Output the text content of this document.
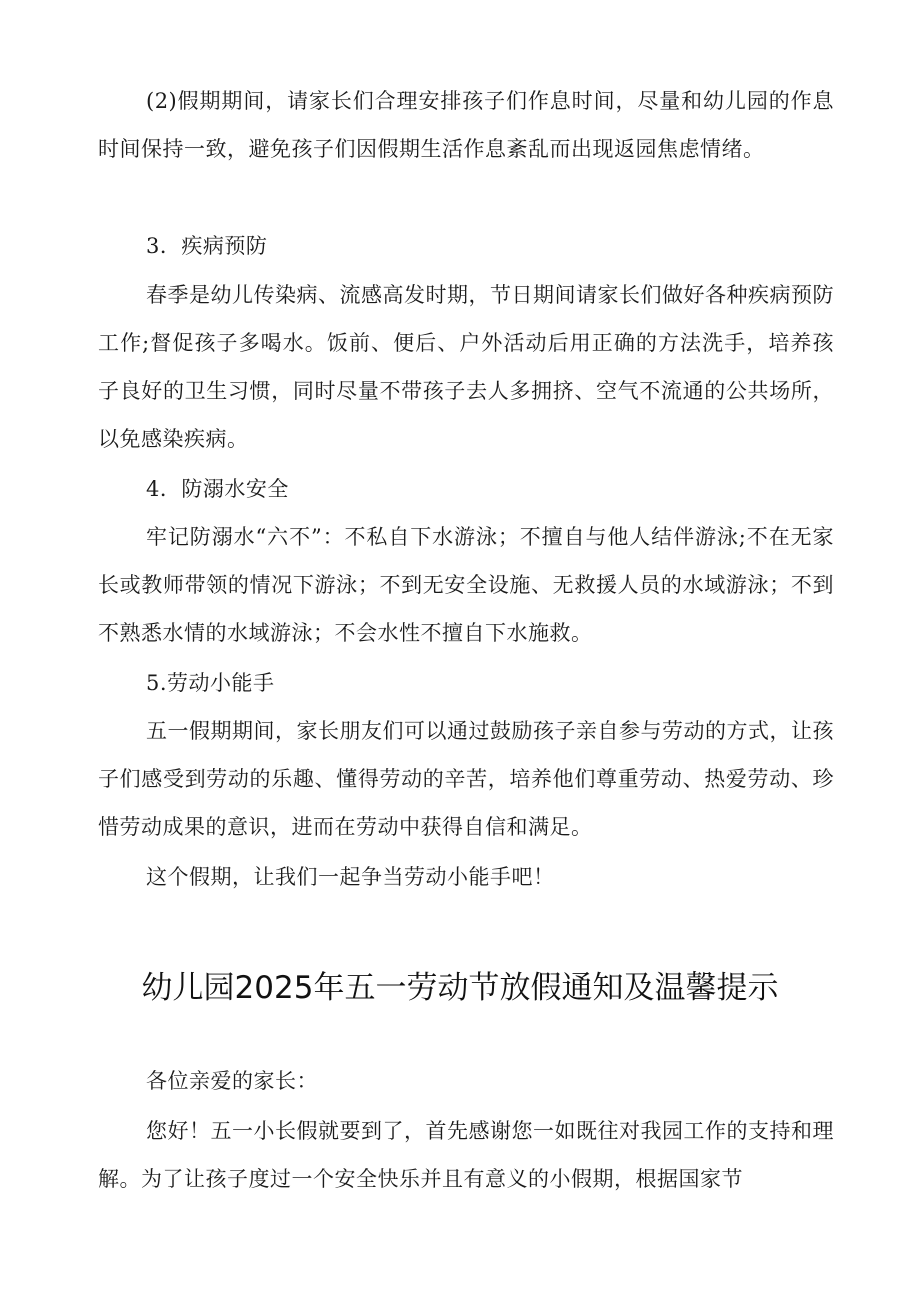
(2)假期期间，请家长们合理安排孩子们作息时间，尽量和幼儿园的作息时间保持一致，避免孩子们因假期生活作息紊乱而出现返园焦虑情绪。

3．疾病预防

春季是幼儿传染病、流感高发时期，节日期间请家长们做好各种疾病预防工作;督促孩子多喝水。饭前、便后、户外活动后用正确的方法洗手，培养孩子良好的卫生习惯，同时尽量不带孩子去人多拥挤、空气不流通的公共场所，以免感染疾病。

4．防溺水安全

牢记防溺水“六不”：不私自下水游泳；不擅自与他人结伴游泳;不在无家长或教师带领的情况下游泳；不到无安全设施、无救援人员的水域游泳；不到不熟悉水情的水域游泳；不会水性不擅自下水施救。

5.劳动小能手

五一假期期间，家长朋友们可以通过鼓励孩子亲自参与劳动的方式，让孩子们感受到劳动的乐趣、懂得劳动的辛苦，培养他们尊重劳动、热爱劳动、珍惜劳动成果的意识，进而在劳动中获得自信和满足。

这个假期，让我们一起争当劳动小能手吧！

幼儿园2025年五一劳动节放假通知及温馨提示

各位亲爱的家长：

您好！五一小长假就要到了，首先感谢您一如既往对我园工作的支持和理解。为了让孩子度过一个安全快乐并且有意义的小假期，根据国家节
